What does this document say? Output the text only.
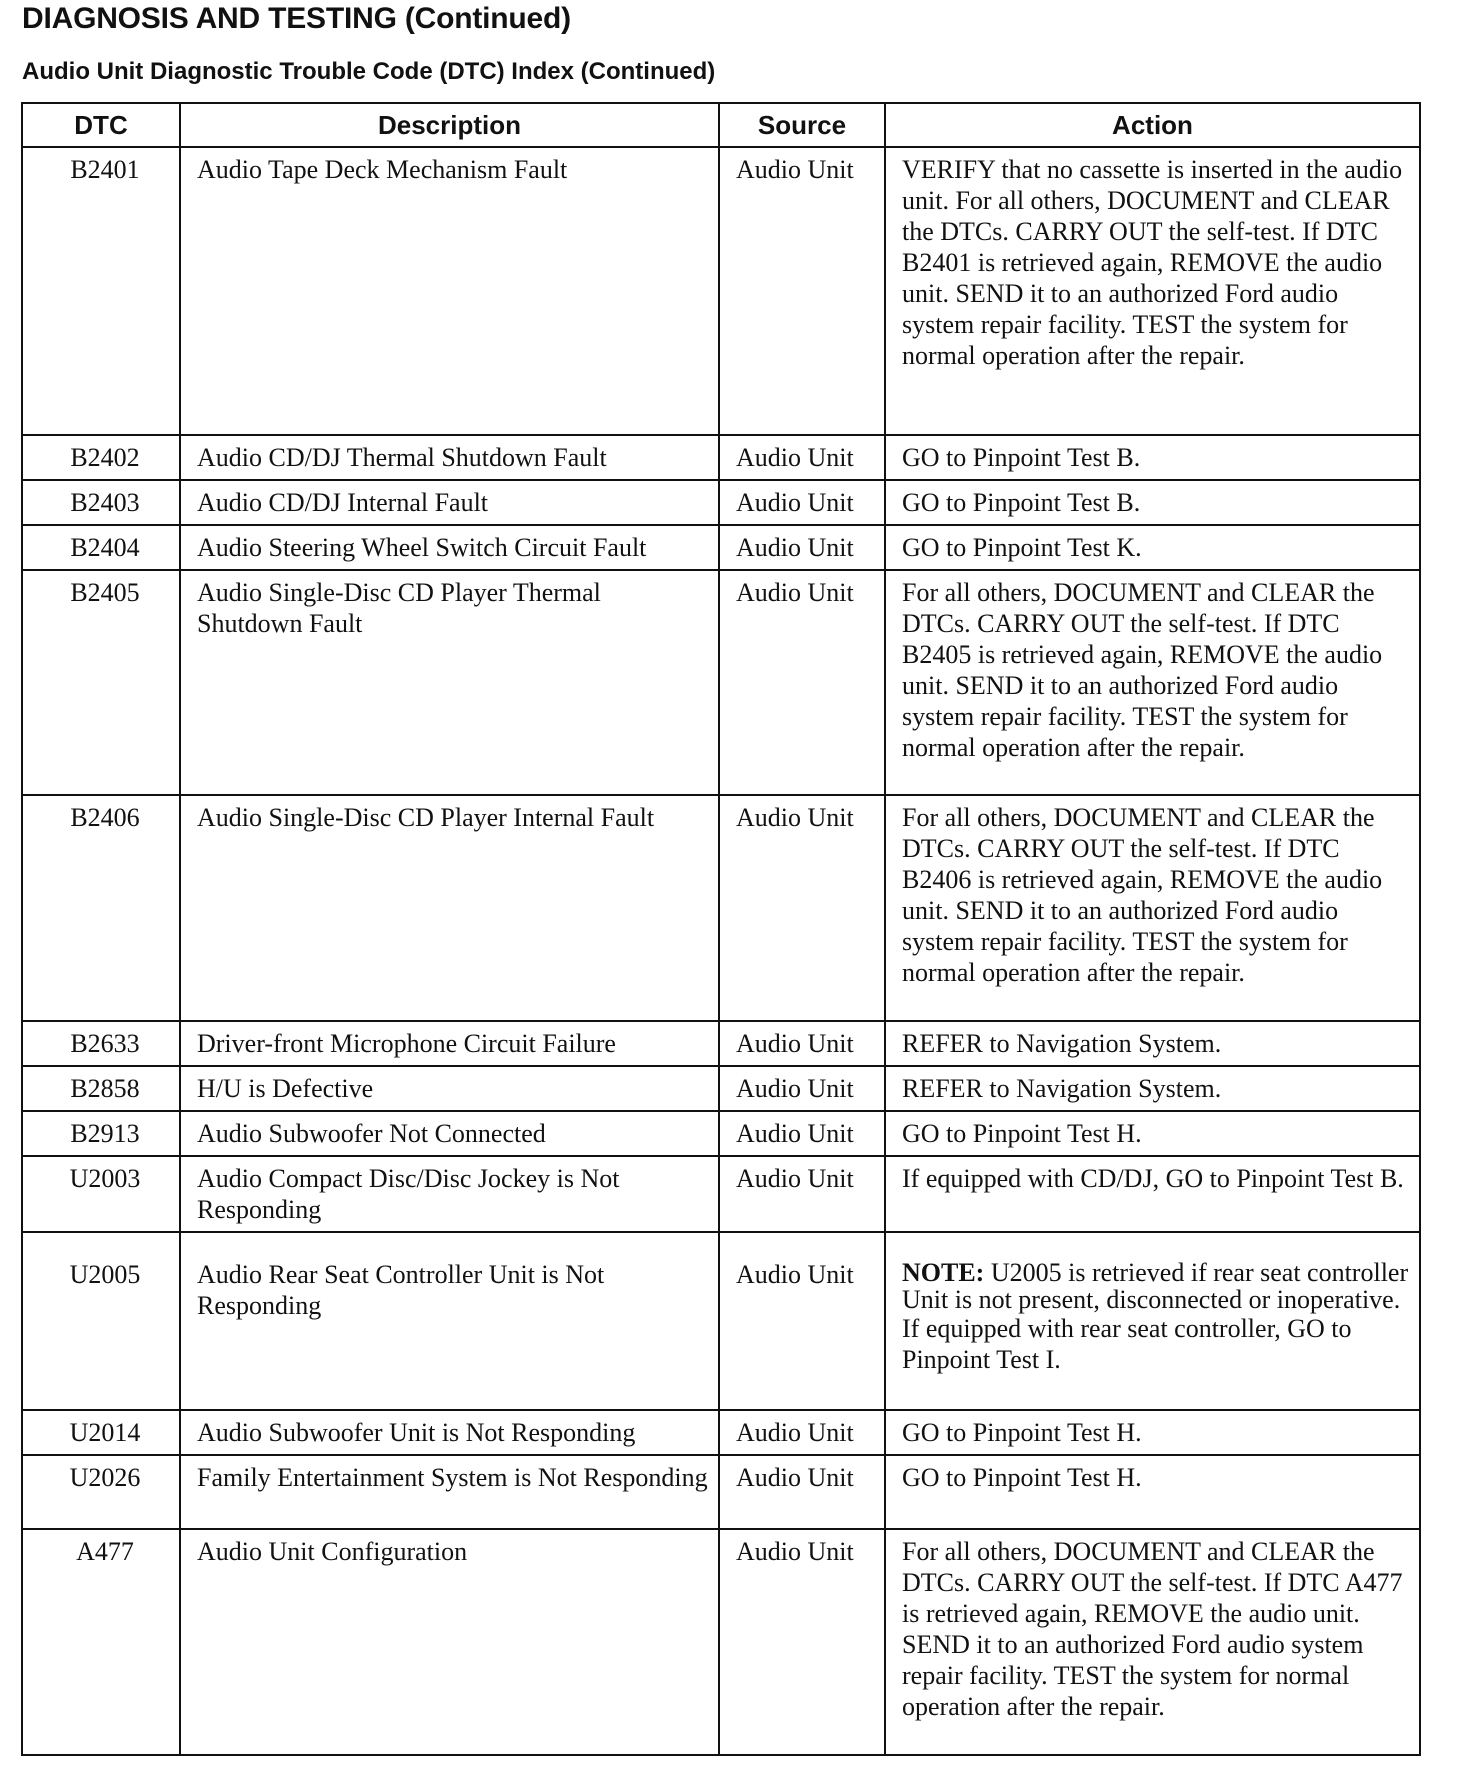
DIAGNOSIS AND TESTING (Continued)
Audio Unit Diagnostic Trouble Code (DTC) Index (Continued)
DTC	Description	Source	Action
B2401	Audio Tape Deck Mechanism Fault	Audio Unit	VERIFY that no cassette is inserted in the audio unit. For all others, DOCUMENT and CLEAR the DTCs. CARRY OUT the self-test. If DTC B2401 is retrieved again, REMOVE the audio unit. SEND it to an authorized Ford audio system repair facility. TEST the system for normal operation after the repair.
B2402	Audio CD/DJ Thermal Shutdown Fault	Audio Unit	GO to Pinpoint Test B.
B2403	Audio CD/DJ Internal Fault	Audio Unit	GO to Pinpoint Test B.
B2404	Audio Steering Wheel Switch Circuit Fault	Audio Unit	GO to Pinpoint Test K.
B2405	Audio Single-Disc CD Player Thermal Shutdown Fault	Audio Unit	For all others, DOCUMENT and CLEAR the DTCs. CARRY OUT the self-test. If DTC B2405 is retrieved again, REMOVE the audio unit. SEND it to an authorized Ford audio system repair facility. TEST the system for normal operation after the repair.
B2406	Audio Single-Disc CD Player Internal Fault	Audio Unit	For all others, DOCUMENT and CLEAR the DTCs. CARRY OUT the self-test. If DTC B2406 is retrieved again, REMOVE the audio unit. SEND it to an authorized Ford audio system repair facility. TEST the system for normal operation after the repair.
B2633	Driver-front Microphone Circuit Failure	Audio Unit	REFER to Navigation System.
B2858	H/U is Defective	Audio Unit	REFER to Navigation System.
B2913	Audio Subwoofer Not Connected	Audio Unit	GO to Pinpoint Test H.
U2003	Audio Compact Disc/Disc Jockey is Not Responding	Audio Unit	If equipped with CD/DJ, GO to Pinpoint Test B.
U2005	Audio Rear Seat Controller Unit is Not Responding	Audio Unit	NOTE: U2005 is retrieved if rear seat controller Unit is not present, disconnected or inoperative.
If equipped with rear seat controller, GO to Pinpoint Test I.

U2014	Audio Subwoofer Unit is Not Responding	Audio Unit	GO to Pinpoint Test H.
U2026	Family Entertainment System is Not Responding	Audio Unit	GO to Pinpoint Test H.
A477	Audio Unit Configuration	Audio Unit	For all others, DOCUMENT and CLEAR the DTCs. CARRY OUT the self-test. If DTC A477 is retrieved again, REMOVE the audio unit. SEND it to an authorized Ford audio system repair facility. TEST the system for normal operation after the repair.
